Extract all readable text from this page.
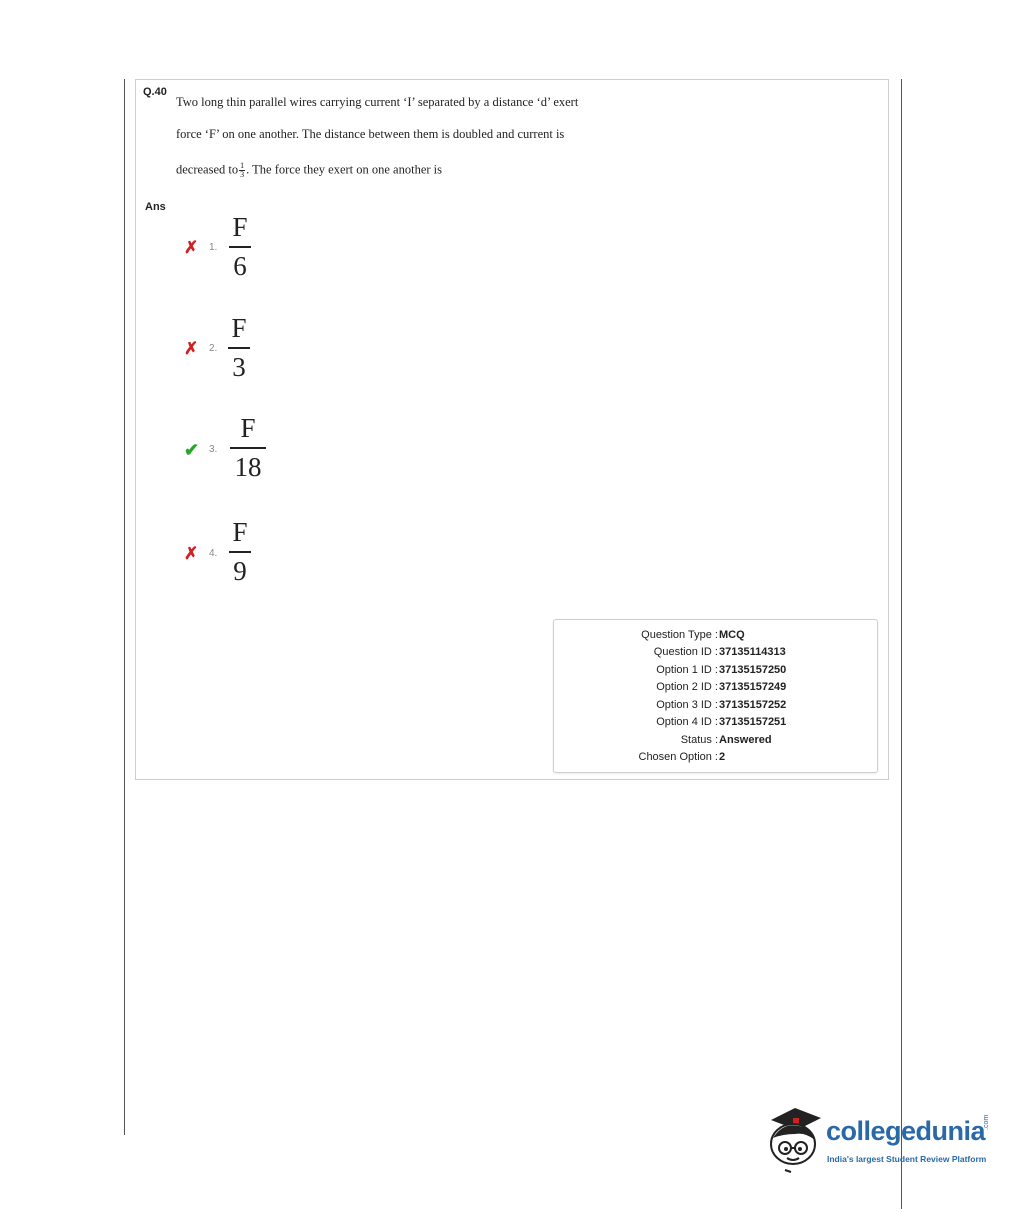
Q.40
Two long thin parallel wires carrying current ‘I’ separated by a distance ‘d’ exert
force ‘F’ on one another. The distance between them is doubled and current is
decreased to $\frac{1}{3}$ . The force they exert on one another is
Ans
✗ 1.
F
6
✗ 2.
F
3
✔ 3.
F
18
✗ 4.
F
9
Question Type : MCQ
Question ID : 37135114313
Option 1 ID : 37135157250
Option 2 ID : 37135157249
Option 3 ID : 37135157252
Option 4 ID : 37135157251
Status : Answered
Chosen Option : 2
collegedunia
.com
India's largest Student Review Platform
